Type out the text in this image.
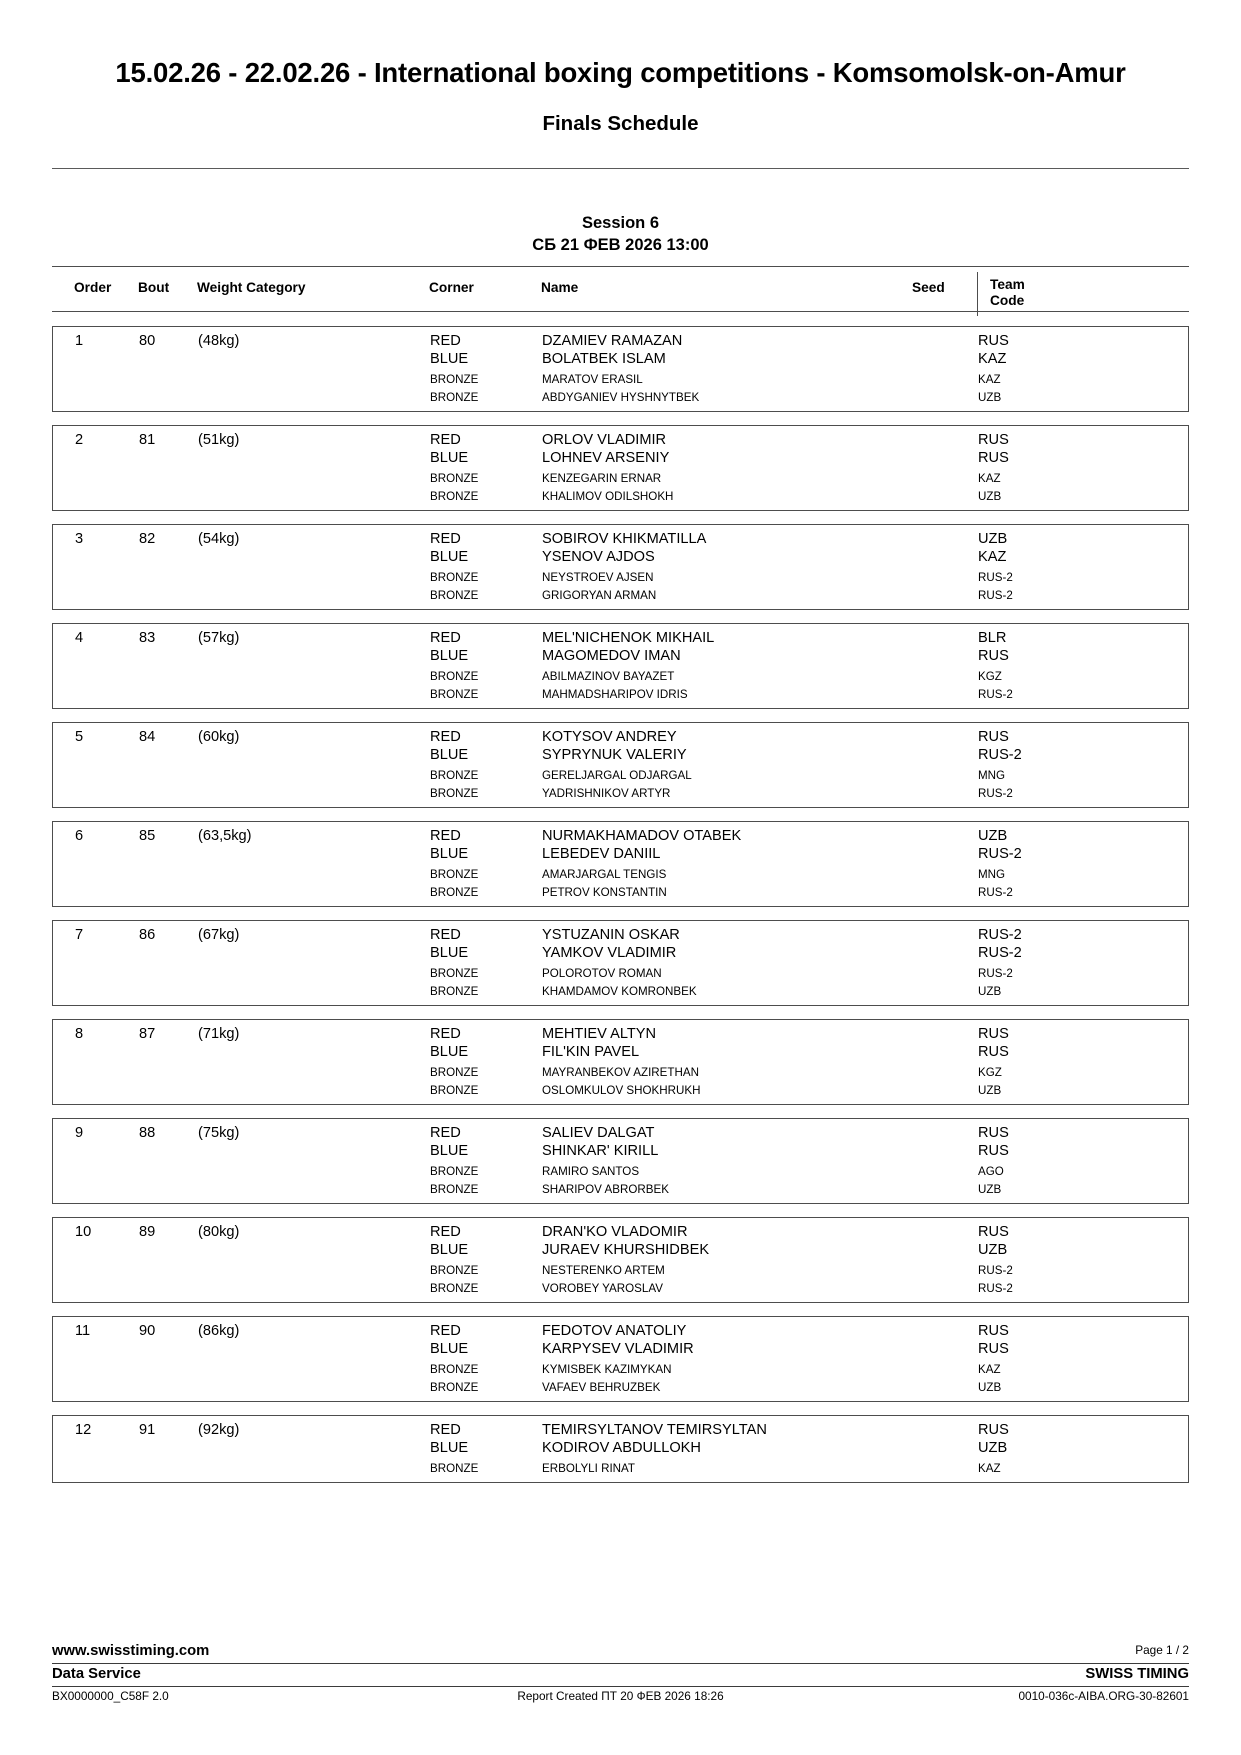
15.02.26 - 22.02.26 - International boxing competitions - Komsomolsk-on-Amur
Finals Schedule
Session 6
СБ 21 ФЕВ 2026 13:00
Order Bout Weight Category	Corner	Name	Seed	Team
Code
1	80	(48kg)	RED	DZAMIEV RAMAZAN	RUS
BLUE	BOLATBEK ISLAM	KAZ
BRONZE	MARATOV ERASIL	KAZ
BRONZE	ABDYGANIEV HYSHNYTBEK	UZB
2	81	(51kg)	RED	ORLOV VLADIMIR	RUS
BLUE	LOHNEV ARSENIY	RUS
BRONZE	KENZEGARIN ERNAR	KAZ
BRONZE	KHALIMOV ODILSHOKH	UZB
3	82	(54kg)	RED	SOBIROV KHIKMATILLA	UZB
BLUE	YSENOV AJDOS	KAZ
BRONZE	NEYSTROEV AJSEN	RUS-2
BRONZE	GRIGORYAN ARMAN	RUS-2
4	83	(57kg)	RED	MEL'NICHENOK MIKHAIL	BLR
BLUE	MAGOMEDOV IMAN	RUS
BRONZE	ABILMAZINOV BAYAZET	KGZ
BRONZE	MAHMADSHARIPOV IDRIS	RUS-2
5	84	(60kg)	RED	KOTYSOV ANDREY	RUS
BLUE	SYPRYNUK VALERIY	RUS-2
BRONZE	GERELJARGAL ODJARGAL	MNG
BRONZE	YADRISHNIKOV ARTYR	RUS-2
6	85	(63,5kg)	RED	NURMAKHAMADOV OTABEK	UZB
BLUE	LEBEDEV DANIIL	RUS-2
BRONZE	AMARJARGAL TENGIS	MNG
BRONZE	PETROV KONSTANTIN	RUS-2
7	86	(67kg)	RED	YSTUZANIN OSKAR	RUS-2
BLUE	YAMKOV VLADIMIR	RUS-2
BRONZE	POLOROTOV ROMAN	RUS-2
BRONZE	KHAMDAMOV KOMRONBEK	UZB
8	87	(71kg)	RED	MEHTIEV ALTYN	RUS
BLUE	FIL'KIN PAVEL	RUS
BRONZE	MAYRANBEKOV AZIRETHAN	KGZ
BRONZE	OSLOMKULOV SHOKHRUKH	UZB
9	88	(75kg)	RED	SALIEV DALGAT	RUS
BLUE	SHINKAR' KIRILL	RUS
BRONZE	RAMIRO SANTOS	AGO
BRONZE	SHARIPOV ABRORBEK	UZB
10	89	(80kg)	RED	DRAN'KO VLADOMIR	RUS
BLUE	JURAEV KHURSHIDBEK	UZB
BRONZE	NESTERENKO ARTEM	RUS-2
BRONZE	VOROBEY YAROSLAV	RUS-2
11	90	(86kg)	RED	FEDOTOV ANATOLIY	RUS
BLUE	KARPYSEV VLADIMIR	RUS
BRONZE	KYMISBEK KAZIMYKAN	KAZ
BRONZE	VAFAEV BEHRUZBEK	UZB
12	91	(92kg)	RED	TEMIRSYLTANOV TEMIRSYLTAN	RUS
BLUE	KODIROV ABDULLOKH	UZB
BRONZE	ERBOLYLI RINAT	KAZ
www.swisstiming.com	Page 1 / 2
Data Service	SWISS TIMING
BX0000000_C58F 2.0	Report Created ПТ 20 ФЕВ 2026 18:26	0010-036c-AIBA.ORG-30-82601
